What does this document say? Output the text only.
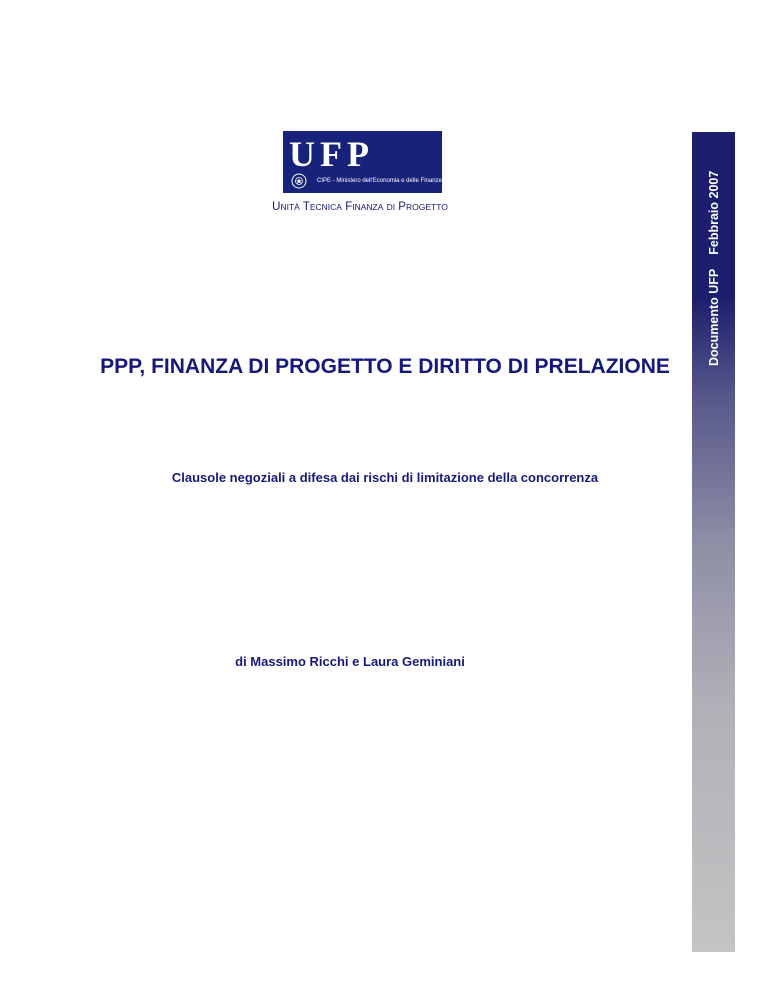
UFP
CIPE - Ministero dell'Economia e delle Finanze
UNITÀ TECNICA FINANZA DI PROGETTO
PPP, FINANZA DI PROGETTO E DIRITTO DI PRELAZIONE
Clausole negoziali a difesa dai rischi di limitazione della concorrenza
di Massimo Ricchi e Laura Geminiani
Documento UFPFebbraio 2007
